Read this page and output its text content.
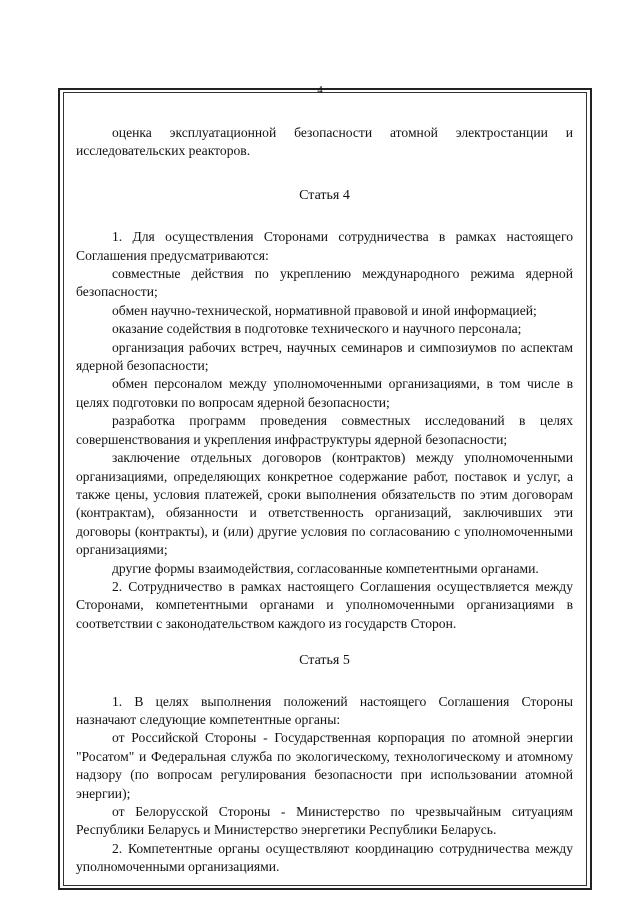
4

оценка эксплуатационной безопасности атомной электростанции и исследовательских реакторов.

Статья 4

1. Для осуществления Сторонами сотрудничества в рамках настоящего Соглашения предусматриваются:

совместные действия по укреплению международного режима ядерной безопасности;

обмен научно-технической, нормативной правовой и иной информацией;

оказание содействия в подготовке технического и научного персонала;

организация рабочих встреч, научных семинаров и симпозиумов по аспектам ядерной безопасности;

обмен персоналом между уполномоченными организациями, в том числе в целях подготовки по вопросам ядерной безопасности;

разработка программ проведения совместных исследований в целях совершенствования и укрепления инфраструктуры ядерной безопасности;

заключение отдельных договоров (контрактов) между уполномоченными организациями, определяющих конкретное содержание работ, поставок и услуг, а также цены, условия платежей, сроки выполнения обязательств по этим договорам (контрактам), обязанности и ответственность организаций, заключивших эти договоры (контракты), и (или) другие условия по согласованию с уполномоченными организациями;

другие формы взаимодействия, согласованные компетентными органами.

2. Сотрудничество в рамках настоящего Соглашения осуществляется между Сторонами, компетентными органами и уполномоченными организациями в соответствии с законодательством каждого из государств Сторон.

Статья 5

1. В целях выполнения положений настоящего Соглашения Стороны назначают следующие компетентные органы:

от Российской Стороны - Государственная корпорация по атомной энергии "Росатом" и Федеральная служба по экологическому, технологическому и атомному надзору (по вопросам регулирования безопасности при использовании атомной энергии);

от Белорусской Стороны - Министерство по чрезвычайным ситуациям Республики Беларусь и Министерство энергетики Республики Беларусь.

2. Компетентные органы осуществляют координацию сотрудничества между уполномоченными организациями.
